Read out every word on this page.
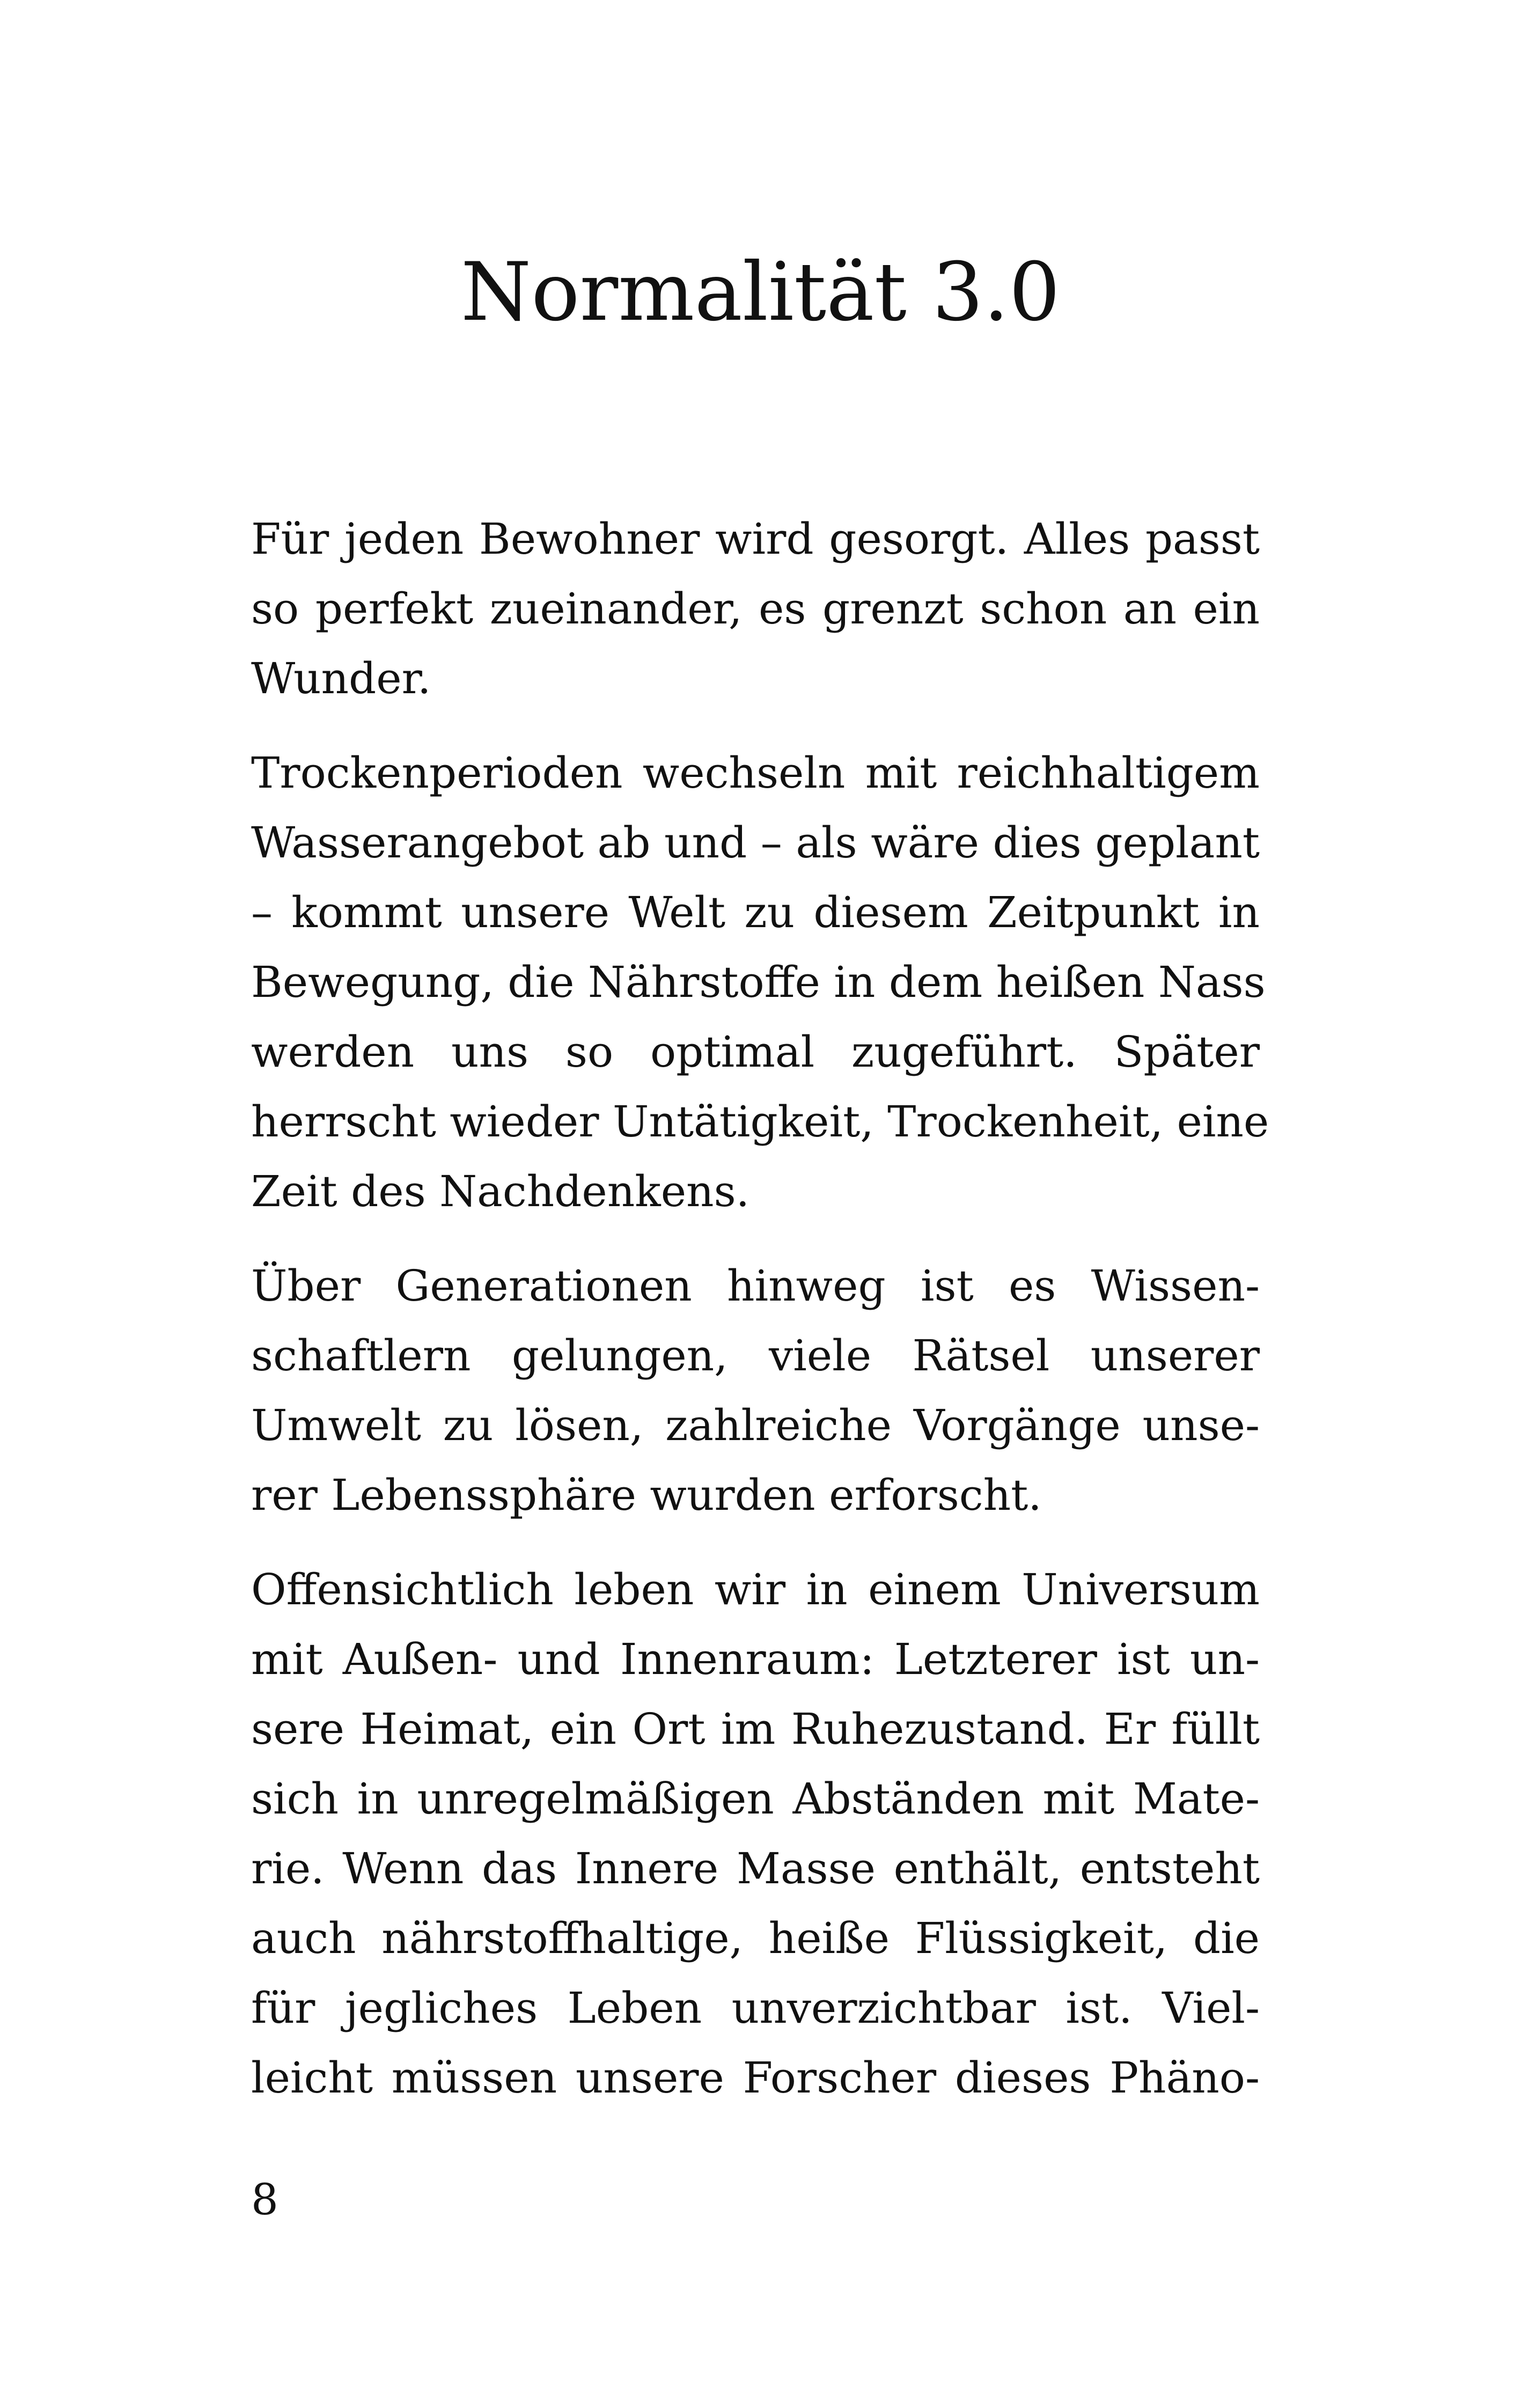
Normalität 3.0

Für jeden Bewohner wird gesorgt. Alles passt
so perfekt zueinander, es grenzt schon an ein
Wunder.

Trockenperioden wechseln mit reichhaltigem
Wasserangebot ab und – als wäre dies geplant
– kommt unsere Welt zu diesem Zeitpunkt in
Bewegung, die Nährstoffe in dem heißen Nass
werden uns so optimal zugeführt. Später
herrscht wieder Untätigkeit, Trockenheit, eine
Zeit des Nachdenkens.

Über Generationen hinweg ist es Wissen-
schaftlern gelungen, viele Rätsel unserer
Umwelt zu lösen, zahlreiche Vorgänge unse-
rer Lebenssphäre wurden erforscht.

Offensichtlich leben wir in einem Universum
mit Außen- und Innenraum: Letzterer ist un-
sere Heimat, ein Ort im Ruhezustand. Er füllt
sich in unregelmäßigen Abständen mit Mate-
rie. Wenn das Innere Masse enthält, entsteht
auch nährstoffhaltige, heiße Flüssigkeit, die
für jegliches Leben unverzichtbar ist. Viel-
leicht müssen unsere Forscher dieses Phäno-

8
